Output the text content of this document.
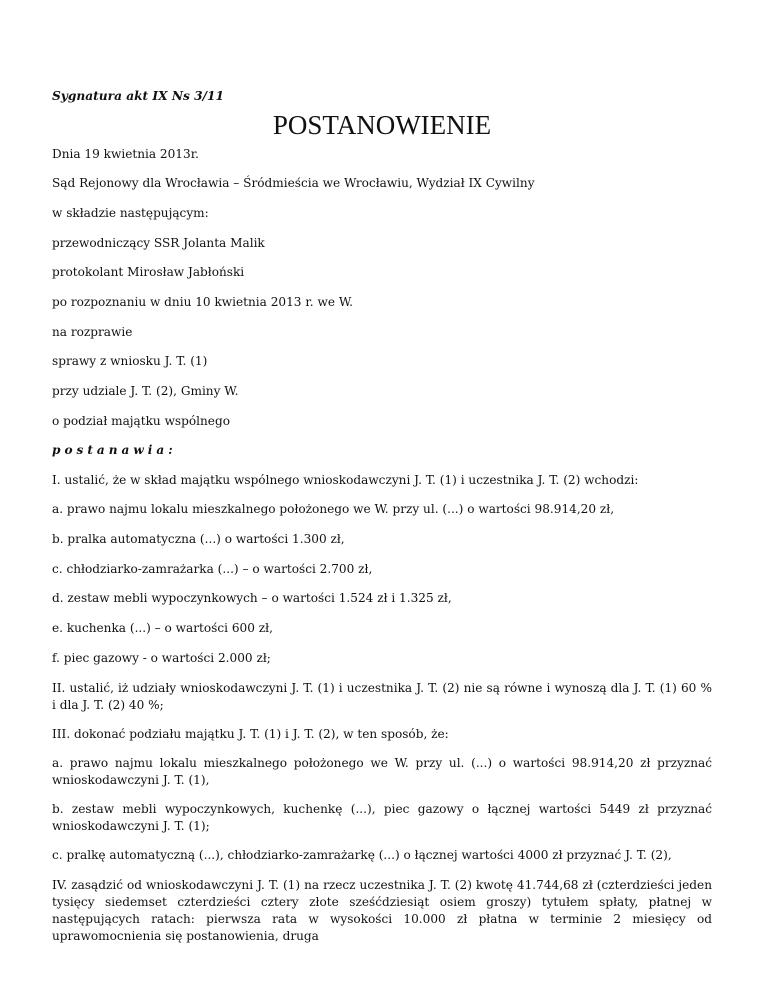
Sygnatura akt IX Ns 3/11
POSTANOWIENIE
Dnia 19 kwietnia 2013r.
Sąd Rejonowy dla Wrocławia – Śródmieścia we Wrocławiu, Wydział IX Cywilny
w składzie następującym:
przewodniczący SSR Jolanta Malik
protokolant Mirosław Jabłoński
po rozpoznaniu w dniu 10 kwietnia 2013 r. we W.
na rozprawie
sprawy z wniosku J. T. (1)
przy udziale J. T. (2), Gminy W.
o podział majątku wspólnego
postanawia:
I. ustalić, że w skład majątku wspólnego wnioskodawczyni J. T. (1) i uczestnika J. T. (2) wchodzi:
a. prawo najmu lokalu mieszkalnego położonego we W. przy ul. (...) o wartości 98.914,20 zł,
b. pralka automatyczna (...) o wartości 1.300 zł,
c. chłodziarko-zamrażarka (...) – o wartości 2.700 zł,
d. zestaw mebli wypoczynkowych – o wartości 1.524 zł i 1.325 zł,
e. kuchenka (...) – o wartości 600 zł,
f. piec gazowy - o wartości 2.000 zł;
II. ustalić, iż udziały wnioskodawczyni J. T. (1) i uczestnika J. T. (2) nie są równe i wynoszą dla J. T. (1) 60 % i dla J. T. (2) 40 %;
III. dokonać podziału majątku J. T. (1) i J. T. (2), w ten sposób, że:
a. prawo najmu lokalu mieszkalnego położonego we W. przy ul. (...) o wartości 98.914,20 zł przyznać wnioskodawczyni J. T. (1),
b. zestaw mebli wypoczynkowych, kuchenkę (...), piec gazowy o łącznej wartości 5449 zł przyznać wnioskodawczyni J. T. (1);
c. pralkę automatyczną (...), chłodziarko-zamrażarkę (...) o łącznej wartości 4000 zł przyznać J. T. (2),
IV. zasądzić od wnioskodawczyni J. T. (1) na rzecz uczestnika J. T. (2) kwotę 41.744,68 zł (czterdzieści jeden tysięcy siedemset czterdzieści cztery złote sześćdziesiąt osiem groszy) tytułem spłaty, płatnej w następujących ratach: pierwsza rata w wysokości 10.000 zł płatna w terminie 2 miesięcy od uprawomocnienia się postanowienia, druga
